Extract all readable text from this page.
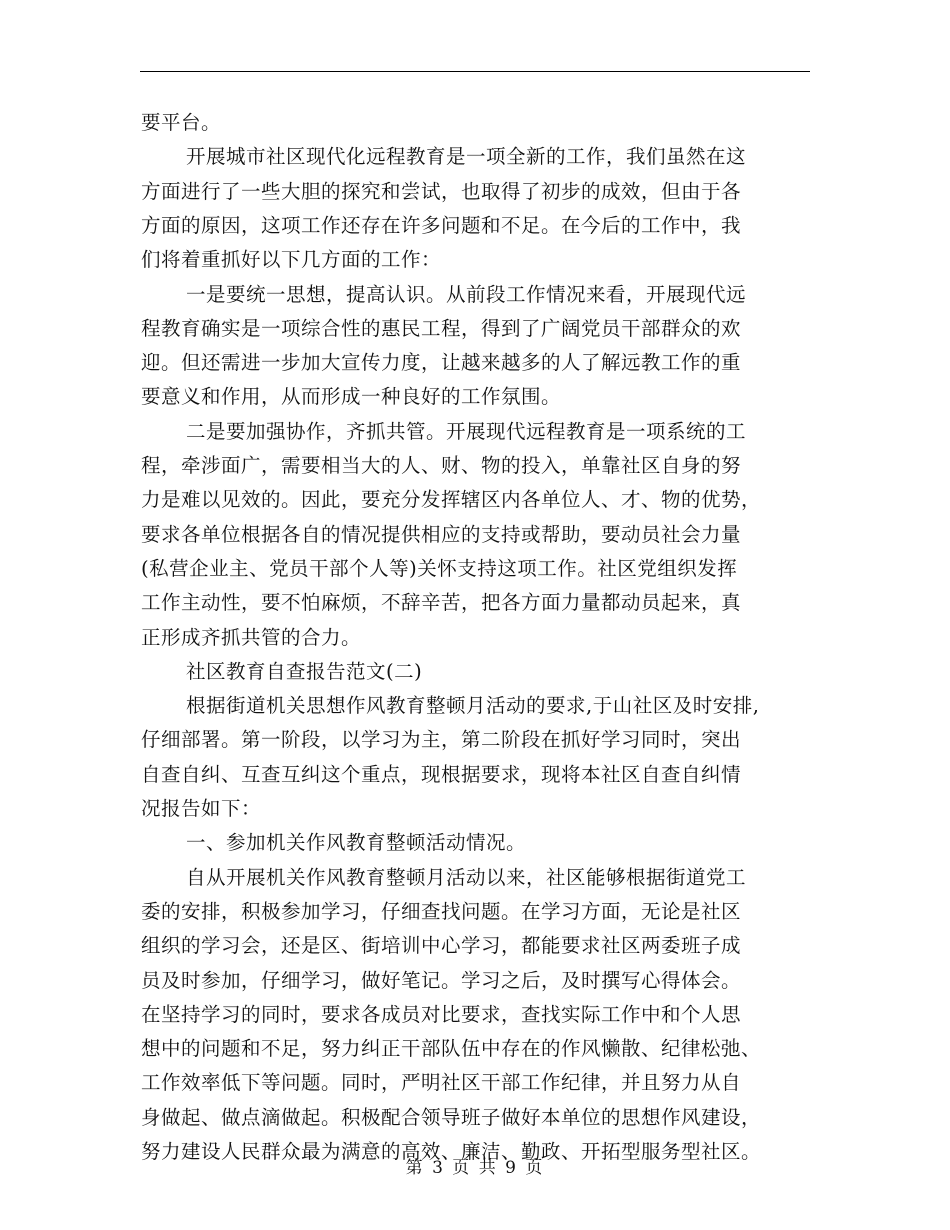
要平台。
开展城市社区现代化远程教育是一项全新的工作，我们虽然在这
方面进行了一些大胆的探究和尝试，也取得了初步的成效，但由于各
方面的原因，这项工作还存在许多问题和不足。在今后的工作中，我
们将着重抓好以下几方面的工作：
一是要统一思想，提高认识。从前段工作情况来看，开展现代远
程教育确实是一项综合性的惠民工程，得到了广阔党员干部群众的欢
迎。但还需进一步加大宣传力度，让越来越多的人了解远教工作的重
要意义和作用，从而形成一种良好的工作氛围。
二是要加强协作，齐抓共管。开展现代远程教育是一项系统的工
程，牵涉面广，需要相当大的人、财、物的投入，单靠社区自身的努
力是难以见效的。因此，要充分发挥辖区内各单位人、才、物的优势，
要求各单位根据各自的情况提供相应的支持或帮助，要动员社会力量
(私营企业主、党员干部个人等)关怀支持这项工作。社区党组织发挥
工作主动性，要不怕麻烦，不辞辛苦，把各方面力量都动员起来，真
正形成齐抓共管的合力。
社区教育自查报告范文(二)
根据街道机关思想作风教育整顿月活动的要求,于山社区及时安排,
仔细部署。第一阶段，以学习为主，第二阶段在抓好学习同时，突出
自查自纠、互查互纠这个重点，现根据要求，现将本社区自查自纠情
况报告如下：
一、参加机关作风教育整顿活动情况。
自从开展机关作风教育整顿月活动以来，社区能够根据街道党工
委的安排，积极参加学习，仔细查找问题。在学习方面，无论是社区
组织的学习会，还是区、街培训中心学习，都能要求社区两委班子成
员及时参加，仔细学习，做好笔记。学习之后，及时撰写心得体会。
在坚持学习的同时，要求各成员对比要求，查找实际工作中和个人思
想中的问题和不足，努力纠正干部队伍中存在的作风懒散、纪律松弛、
工作效率低下等问题。同时，严明社区干部工作纪律，并且努力从自
身做起、做点滴做起。积极配合领导班子做好本单位的思想作风建设，
努力建设人民群众最为满意的高效、廉洁、勤政、开拓型服务型社区。
第 3 页 共 9 页
